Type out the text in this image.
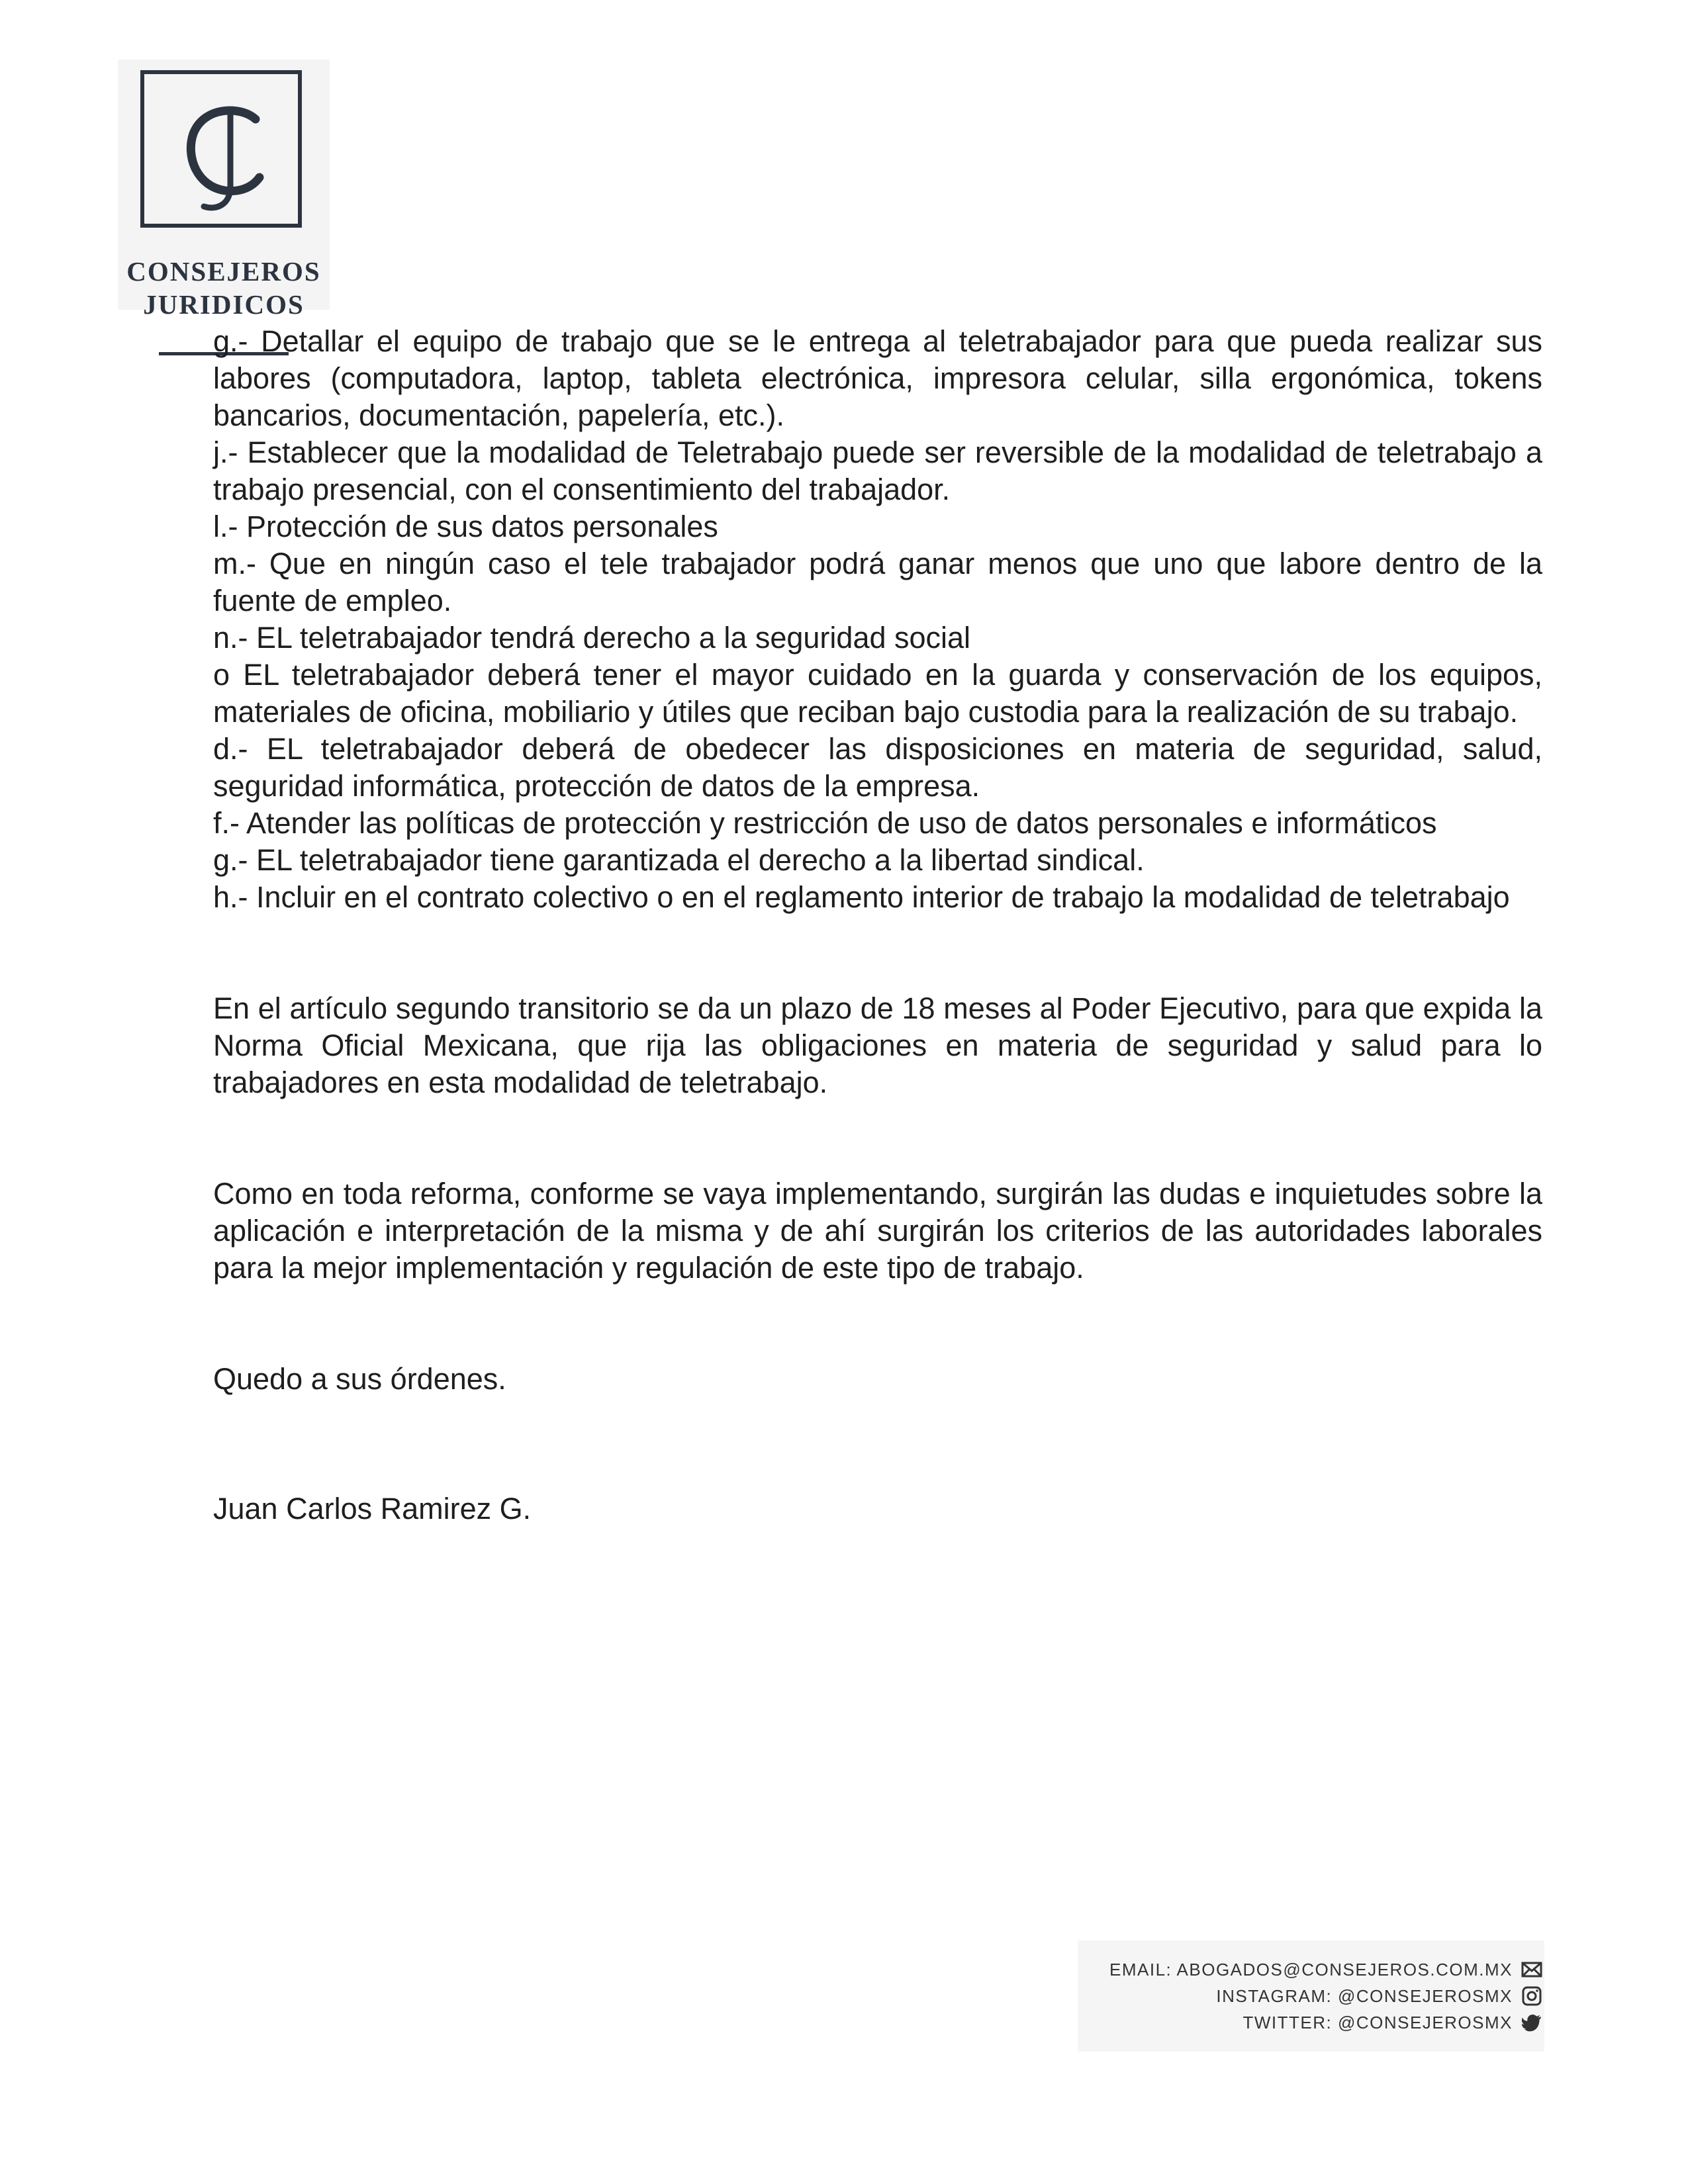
CONSEJEROS
JURIDICOS

g.- Detallar el equipo de trabajo que se le entrega al teletrabajador para que pueda realizar sus labores (computadora, laptop, tableta electrónica, impresora celular, silla ergonómica, tokens bancarios, documentación, papelería, etc.).

j.- Establecer que la modalidad de Teletrabajo puede ser reversible de la modalidad de teletrabajo a trabajo presencial, con el consentimiento del trabajador.

l.- Protección de sus datos personales

m.- Que en ningún caso el tele trabajador podrá ganar menos que uno que labore dentro de la fuente de empleo.

n.- EL teletrabajador tendrá derecho a la seguridad social

o EL teletrabajador deberá tener el mayor cuidado en la guarda y conservación de los equipos, materiales de oficina, mobiliario y útiles que reciban bajo custodia para la realización de su trabajo.

d.- EL teletrabajador deberá de obedecer las disposiciones en materia de seguridad, salud, seguridad informática, protección de datos de la empresa.

f.- Atender las políticas de protección y restricción de uso de datos personales e informáticos

g.- EL teletrabajador tiene garantizada el derecho a la libertad sindical.

h.- Incluir en el contrato colectivo o en el reglamento interior de trabajo la modalidad de teletrabajo

En el artículo segundo transitorio se da un plazo de 18 meses al Poder Ejecutivo, para que expida la Norma Oficial Mexicana, que rija las obligaciones en materia de seguridad y salud para lo trabajadores en esta modalidad de teletrabajo.

Como en toda reforma, conforme se vaya implementando, surgirán las dudas e inquietudes sobre la aplicación e interpretación de la misma y de ahí surgirán los criterios de las autoridades laborales para la mejor implementación y regulación de este tipo de trabajo.

Quedo a sus órdenes.

Juan Carlos Ramirez G.

EMAIL: ABOGADOS@CONSEJEROS.COM.MX
INSTAGRAM: @CONSEJEROSMX
TWITTER: @CONSEJEROSMX
